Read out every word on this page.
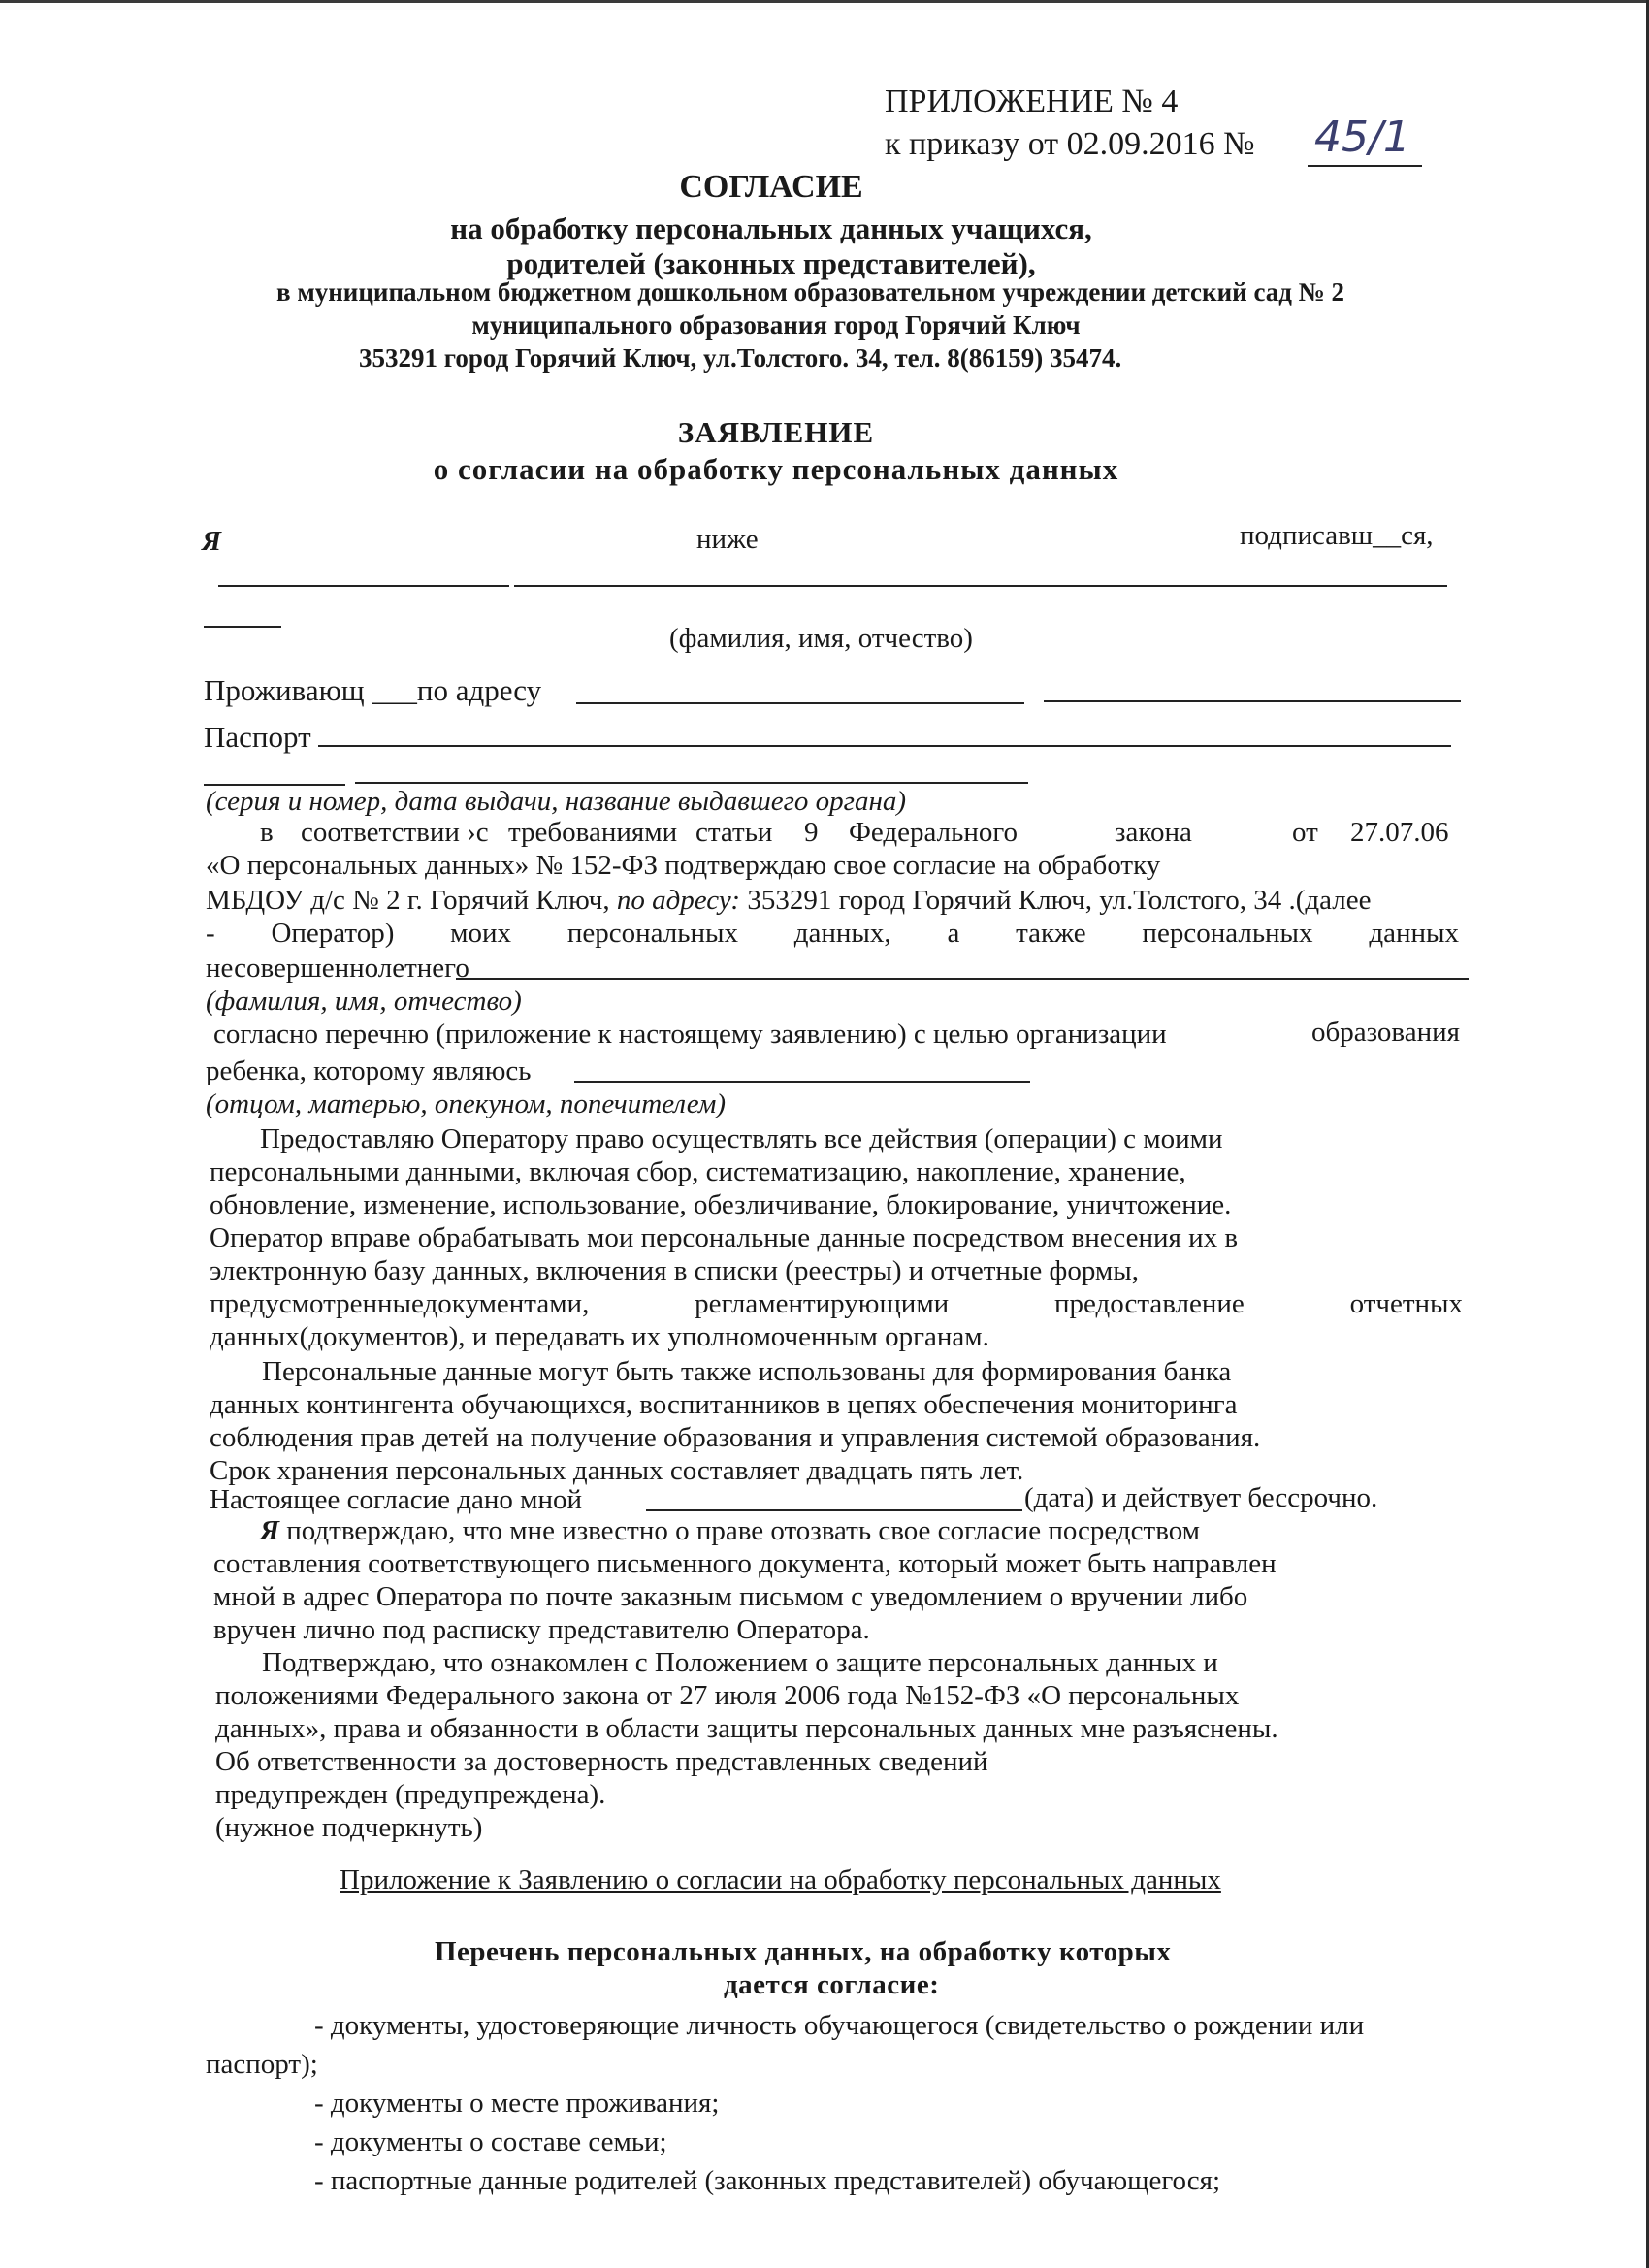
ПРИЛОЖЕНИЕ № 4
к приказу от 02.09.2016 № 45/1
СОГЛАСИЕ
на обработку персональных данных учащихся,
родителей (законных представителей),
в муниципальном бюджетном дошкольном образовательном учреждении детский сад № 2
муниципального образования город Горячий Ключ
353291 город Горячий Ключ, ул.Толстого. 34, тел. 8(86159) 35474.
ЗАЯВЛЕНИЕ
о согласии на обработку персональных данных
Я	ниже	подписавш__ся,
(фамилия, имя, отчество)
Проживающ ___по адресу
Паспорт
(серия и номер, дата выдачи, название выдавшего органа)
в соответствии ›с требованиями статьи 9 Федерального	закона	от 27.07.06
«О персональных данных» № 152-ФЗ подтверждаю свое согласие на обработку
МБДОУ д/с № 2 г. Горячий Ключ, по адресу: 353291 город Горячий Ключ, ул.Толстого, 34 .(далее
- Оператор) моих персональных данных, а также персональных данных
несовершеннолетнего
(фамилия, имя, отчество)
согласно перечню (приложение к настоящему заявлению) с целью организации	образования
ребенка, которому являюсь
(отцом, матерью, опекуном, попечителем)
Предоставляю Оператору право осуществлять все действия (операции) с моими
персональными данными, включая сбор, систематизацию, накопление, хранение,
обновление, изменение, использование, обезличивание, блокирование, уничтожение.
Оператор вправе обрабатывать мои персональные данные посредством внесения их в
электронную базу данных, включения в списки (реестры) и отчетные формы,
предусмотренныедокументами, регламентирующими предоставление отчетных
данных(документов), и передавать их уполномоченным органам.
Персональные данные могут быть также использованы для формирования банка
данных контингента обучающихся, воспитанников в цепях обеспечения мониторинга
соблюдения прав детей на получение образования и управления системой образования.
Срок хранения персональных данных составляет двадцать пять лет.
Настоящее согласие дано мной	(дата) и действует бессрочно.
Я подтверждаю, что мне известно о праве отозвать свое согласие посредством
составления соответствующего письменного документа, который может быть направлен
мной в адрес Оператора по почте заказным письмом с уведомлением о вручении либо
вручен лично под расписку представителю Оператора.
Подтверждаю, что ознакомлен с Положением о защите персональных данных и
положениями Федерального закона от 27 июля 2006 года №152-ФЗ «О персональных
данных», права и обязанности в области защиты персональных данных мне разъяснены.
Об ответственности за достоверность представленных сведений
предупрежден (предупреждена).
(нужное подчеркнуть)
Приложение к Заявлению о согласии на обработку персональных данных
Перечень персональных данных, на обработку которых
дается согласие:
- документы, удостоверяющие личность обучающегося (свидетельство о рождении или
паспорт);
- документы о месте проживания;
- документы о составе семьи;
- паспортные данные родителей (законных представителей) обучающегося;
